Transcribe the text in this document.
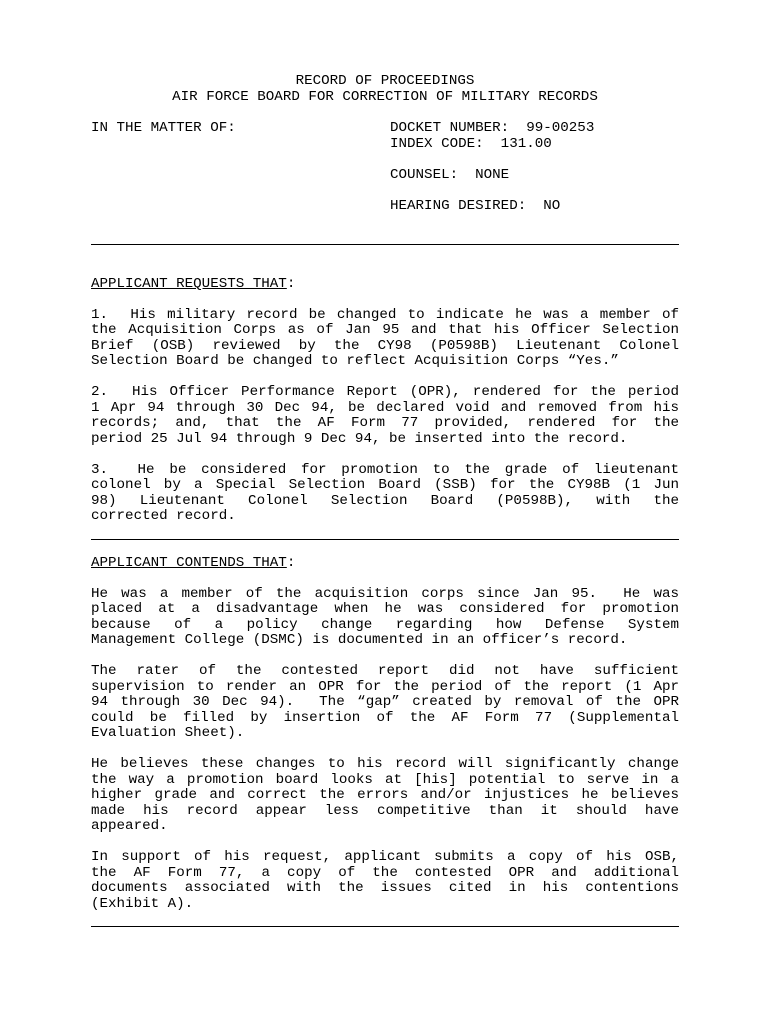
RECORD OF PROCEEDINGS
AIR FORCE BOARD FOR CORRECTION OF MILITARY RECORDS
IN THE MATTER OF:	DOCKET NUMBER:  99-00253
INDEX CODE:  131.00
COUNSEL:  NONE
HEARING DESIRED:  NO
APPLICANT REQUESTS THAT:
1.  His military record be changed to indicate he was a member of
the Acquisition Corps as of Jan 95 and that his Officer Selection
Brief (OSB) reviewed by the CY98 (P0598B) Lieutenant Colonel
Selection Board be changed to reflect Acquisition Corps “Yes.”
2.  His Officer Performance Report (OPR), rendered for the period
1 Apr 94 through 30 Dec 94, be declared void and removed from his
records; and, that the AF Form 77 provided, rendered for the
period 25 Jul 94 through 9 Dec 94, be inserted into the record.
3.  He be considered for promotion to the grade of lieutenant
colonel by a Special Selection Board (SSB) for the CY98B (1 Jun
98) Lieutenant Colonel Selection Board (P0598B), with the
corrected record.
APPLICANT CONTENDS THAT:
He was a member of the acquisition corps since Jan 95.  He was
placed at a disadvantage when he was considered for promotion
because of a policy change regarding how Defense System
Management College (DSMC) is documented in an officer’s record.
The rater of the contested report did not have sufficient
supervision to render an OPR for the period of the report (1 Apr
94 through 30 Dec 94).  The “gap” created by removal of the OPR
could be filled by insertion of the AF Form 77 (Supplemental
Evaluation Sheet).
He believes these changes to his record will significantly change
the way a promotion board looks at [his] potential to serve in a
higher grade and correct the errors and/or injustices he believes
made his record appear less competitive than it should have
appeared.
In support of his request, applicant submits a copy of his OSB,
the AF Form 77, a copy of the contested OPR and additional
documents associated with the issues cited in his contentions
(Exhibit A).
